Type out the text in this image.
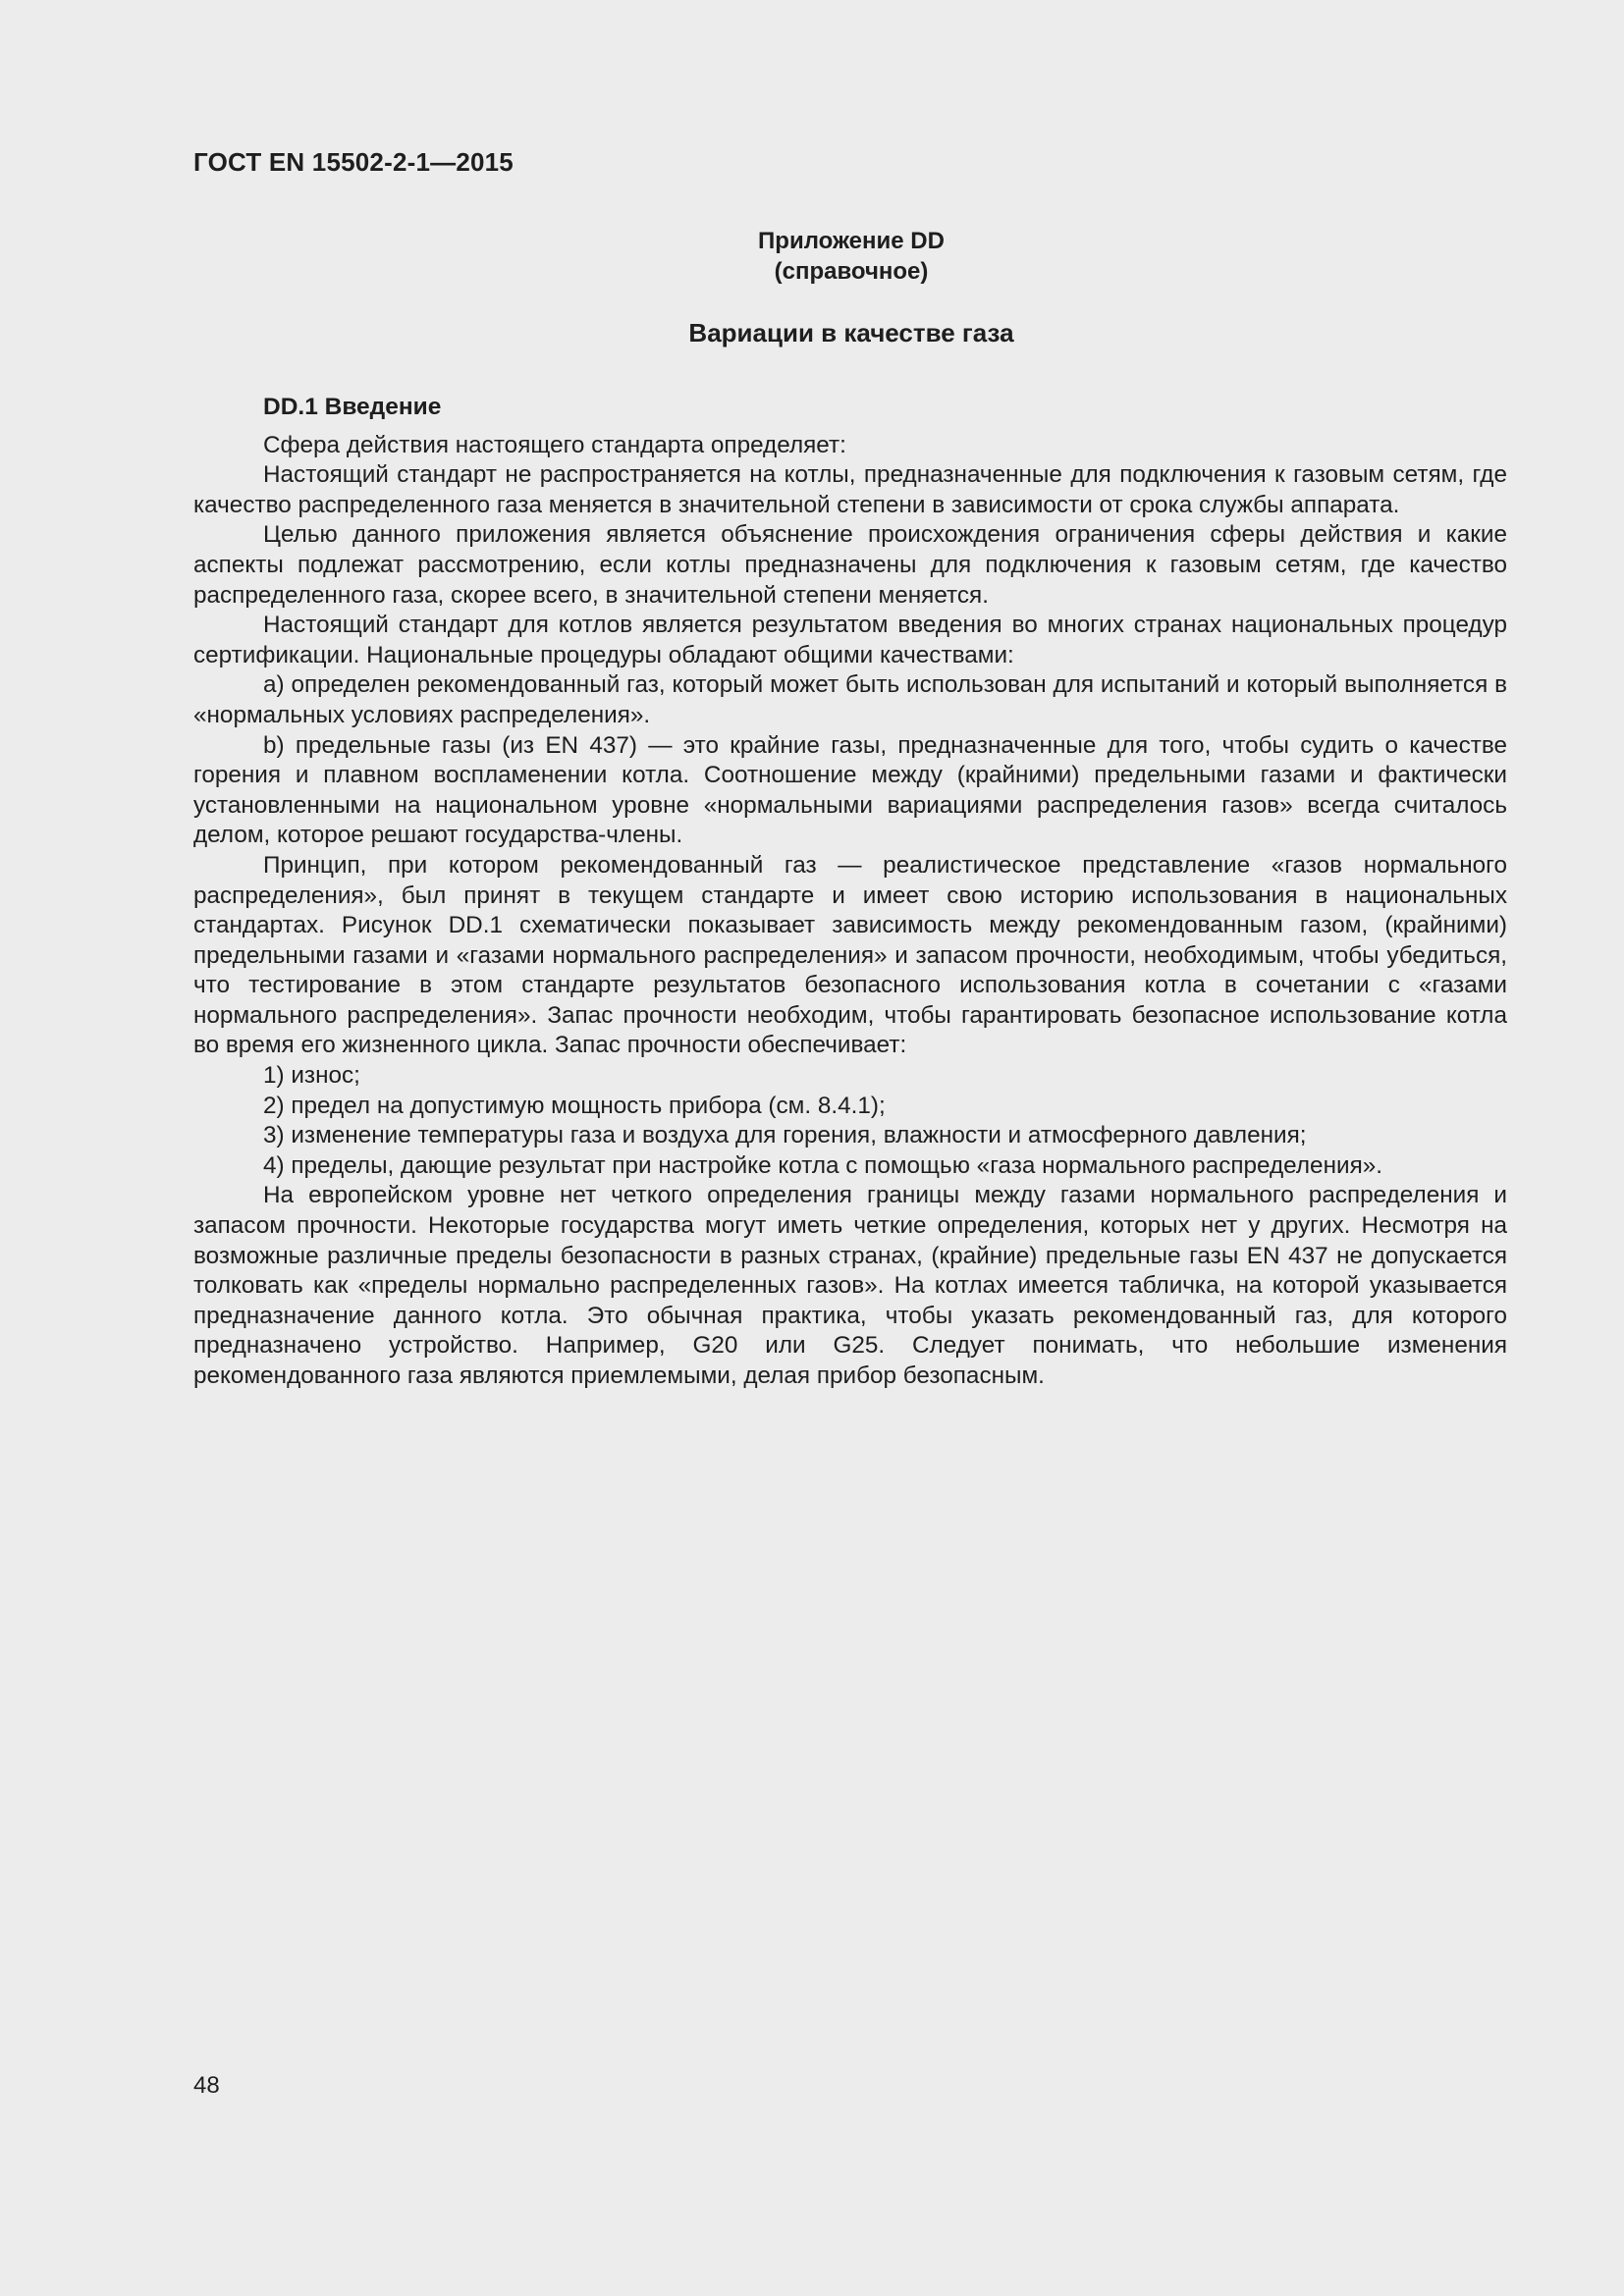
ГОСТ EN 15502-2-1—2015
Приложение DD
(справочное)
Вариации в качестве газа
DD.1 Введение

Сфера действия настоящего стандарта определяет:

Настоящий стандарт не распространяется на котлы, предназначенные для подключения к газовым сетям, где качество распределенного газа меняется в значительной степени в зависимости от срока службы аппарата.

Целью данного приложения является объяснение происхождения ограничения сферы действия и какие аспекты подлежат рассмотрению, если котлы предназначены для подключения к газовым сетям, где качество распределенного газа, скорее всего, в значительной степени меняется.

Настоящий стандарт для котлов является результатом введения во многих странах национальных процедур сертификации. Национальные процедуры обладают общими качествами:

a) определен рекомендованный газ, который может быть использован для испытаний и который выполняется в «нормальных условиях распределения».

b) предельные газы (из EN 437) — это крайние газы, предназначенные для того, чтобы судить о качестве горения и плавном воспламенении котла. Соотношение между (крайними) предельными газами и фактически установленными на национальном уровне «нормальными вариациями распределения газов» всегда считалось делом, которое решают государства-члены.

Принцип, при котором рекомендованный газ — реалистическое представление «газов нормального распределения», был принят в текущем стандарте и имеет свою историю использования в национальных стандартах. Рисунок DD.1 схематически показывает зависимость между рекомендованным газом, (крайними) предельными газами и «газами нормального распределения» и запасом прочности, необходимым, чтобы убедиться, что тестирование в этом стандарте результатов безопасного использования котла в сочетании с «газами нормального распределения». Запас прочности необходим, чтобы гарантировать безопасное использование котла во время его жизненного цикла. Запас прочности обеспечивает:

1) износ;

2) предел на допустимую мощность прибора (см. 8.4.1);

3) изменение температуры газа и воздуха для горения, влажности и атмосферного давления;

4) пределы, дающие результат при настройке котла с помощью «газа нормального распределения».

На европейском уровне нет четкого определения границы между газами нормального распределения и запасом прочности. Некоторые государства могут иметь четкие определения, которых нет у других. Несмотря на возможные различные пределы безопасности в разных странах, (крайние) предельные газы EN 437 не допускается толковать как «пределы нормально распределенных газов». На котлах имеется табличка, на которой указывается предназначение данного котла. Это обычная практика, чтобы указать рекомендованный газ, для которого предназначено устройство. Например, G20 или G25. Следует понимать, что небольшие изменения рекомендованного газа являются приемлемыми, делая прибор безопасным.

48
